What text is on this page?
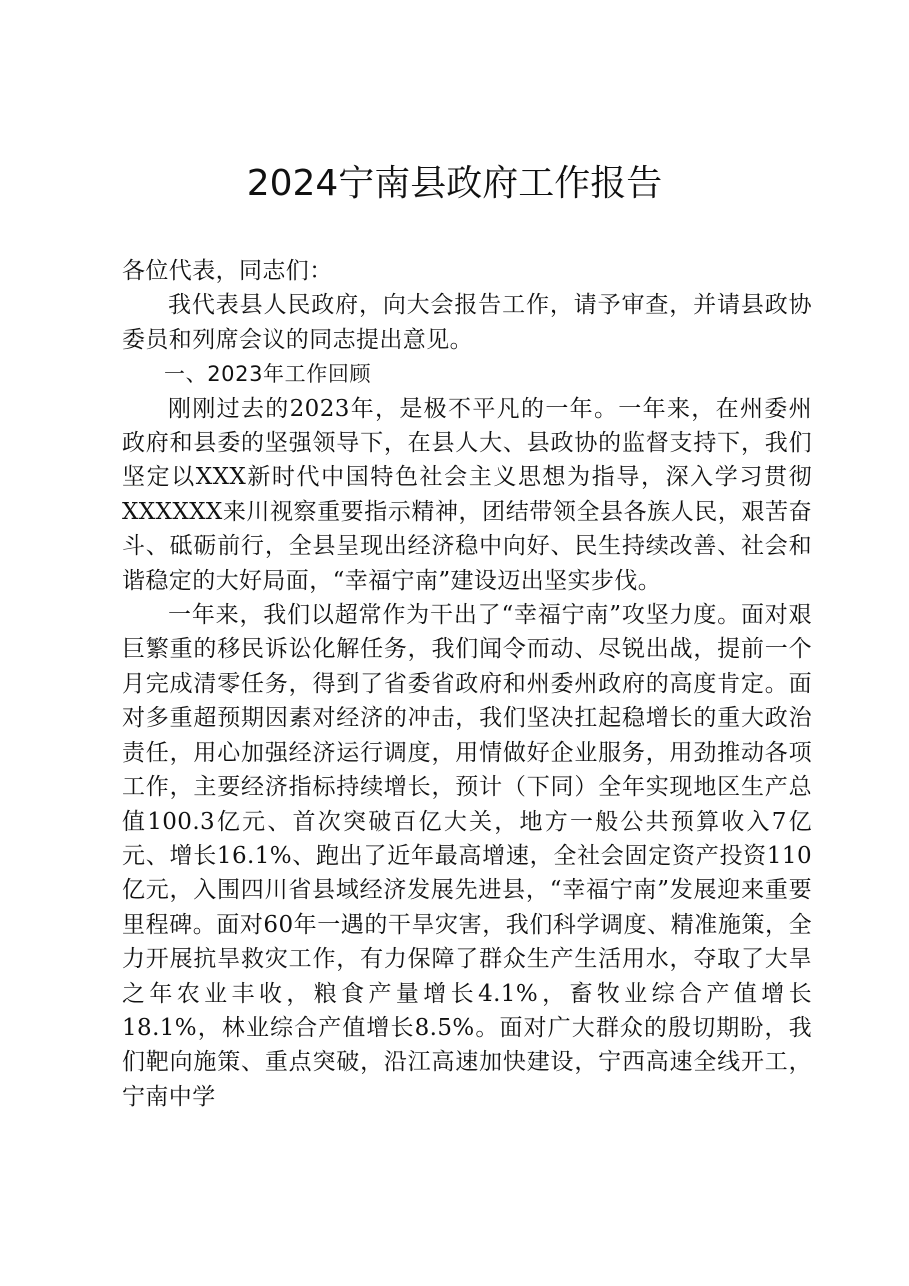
2024宁南县政府工作报告

各位代表，同志们：

我代表县人民政府，向大会报告工作，请予审查，并请县政协委员和列席会议的同志提出意见。

一、2023年工作回顾

刚刚过去的2023年，是极不平凡的一年。一年来，在州委州政府和县委的坚强领导下，在县人大、县政协的监督支持下，我们坚定以XXX新时代中国特色社会主义思想为指导，深入学习贯彻XXXXXX来川视察重要指示精神，团结带领全县各族人民，艰苦奋斗、砥砺前行，全县呈现出经济稳中向好、民生持续改善、社会和谐稳定的大好局面，“幸福宁南”建设迈出坚实步伐。

一年来，我们以超常作为干出了“幸福宁南”攻坚力度。面对艰巨繁重的移民诉讼化解任务，我们闻令而动、尽锐出战，提前一个月完成清零任务，得到了省委省政府和州委州政府的高度肯定。面对多重超预期因素对经济的冲击，我们坚决扛起稳增长的重大政治责任，用心加强经济运行调度，用情做好企业服务，用劲推动各项工作，主要经济指标持续增长，预计（下同）全年实现地区生产总值100.3亿元、首次突破百亿大关，地方一般公共预算收入7亿元、增长16.1%、跑出了近年最高增速，全社会固定资产投资110亿元，入围四川省县域经济发展先进县，“幸福宁南”发展迎来重要里程碑。面对60年一遇的干旱灾害，我们科学调度、精准施策，全力开展抗旱救灾工作，有力保障了群众生产生活用水，夺取了大旱之年农业丰收，粮食产量增长4.1%，畜牧业综合产值增长18.1%，林业综合产值增长8.5%。面对广大群众的殷切期盼，我们靶向施策、重点突破，沿江高速加快建设，宁西高速全线开工，宁南中学
